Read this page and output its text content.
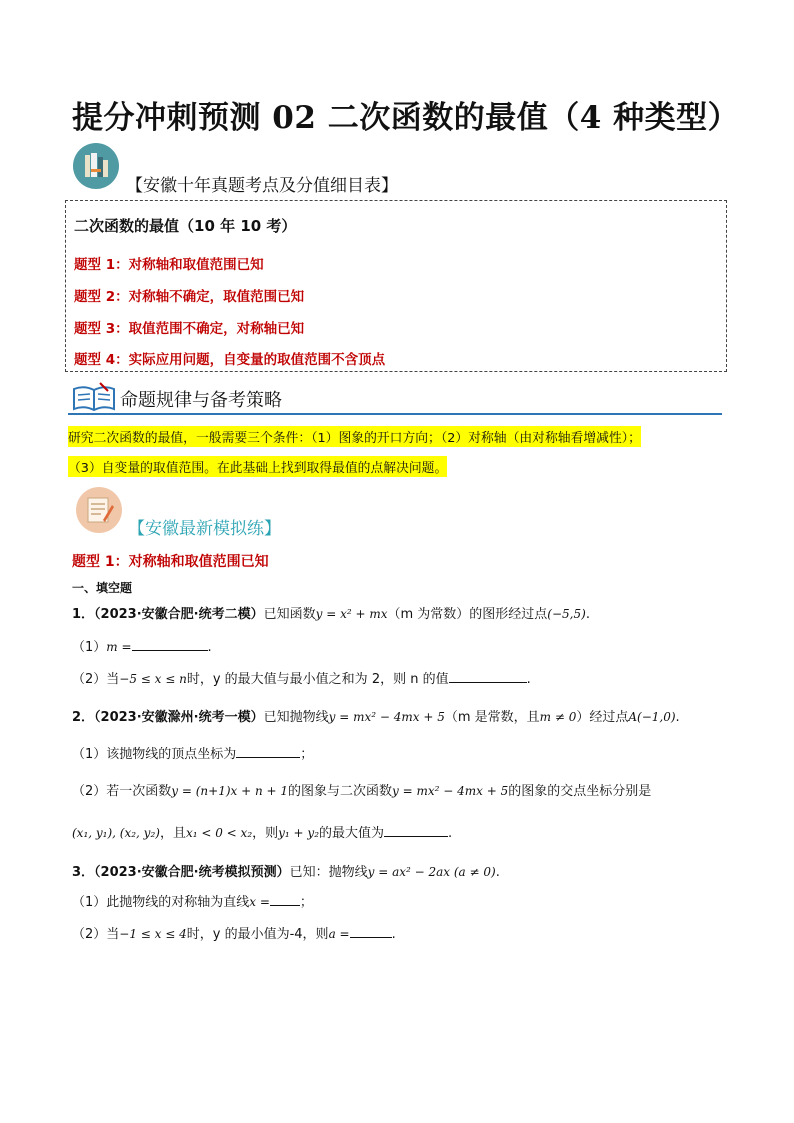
提分冲刺预测 02 二次函数的最值（4 种类型）
【安徽十年真题考点及分值细目表】
二次函数的最值（10 年 10 考）
题型 1：对称轴和取值范围已知
题型 2：对称轴不确定，取值范围已知
题型 3：取值范围不确定，对称轴已知
题型 4：实际应用问题，自变量的取值范围不含顶点
命题规律与备考策略
研究二次函数的最值，一般需要三个条件：（1）图象的开口方向；（2）对称轴（由对称轴看增减性）；
（3）自变量的取值范围。在此基础上找到取得最值的点解决问题。
【安徽最新模拟练】
题型 1：对称轴和取值范围已知
一、填空题
1．（2023·安徽合肥·统考二模）已知函数y = x² + mx（m 为常数）的图形经过点(−5,5).
（1）m =	.
（2）当−5 ≤ x ≤ n时，y 的最大值与最小值之和为 2，则 n 的值	.
2．（2023·安徽滁州·统考一模）已知抛物线y = mx² − 4mx + 5（m 是常数，且m ≠ 0）经过点A(−1,0).
（1）该抛物线的顶点坐标为	；
（2）若一次函数y = (n+1)x + n + 1的图象与二次函数y = mx² − 4mx + 5的图象的交点坐标分别是
(x₁, y₁), (x₂, y₂)，且x₁ < 0 < x₂，则y₁ + y₂的最大值为	.
3．（2023·安徽合肥·统考模拟预测）已知：抛物线y = ax² − 2ax (a ≠ 0).
（1）此抛物线的对称轴为直线x = ；
（2）当−1 ≤ x ≤ 4时，y 的最小值为-4，则a =	.
